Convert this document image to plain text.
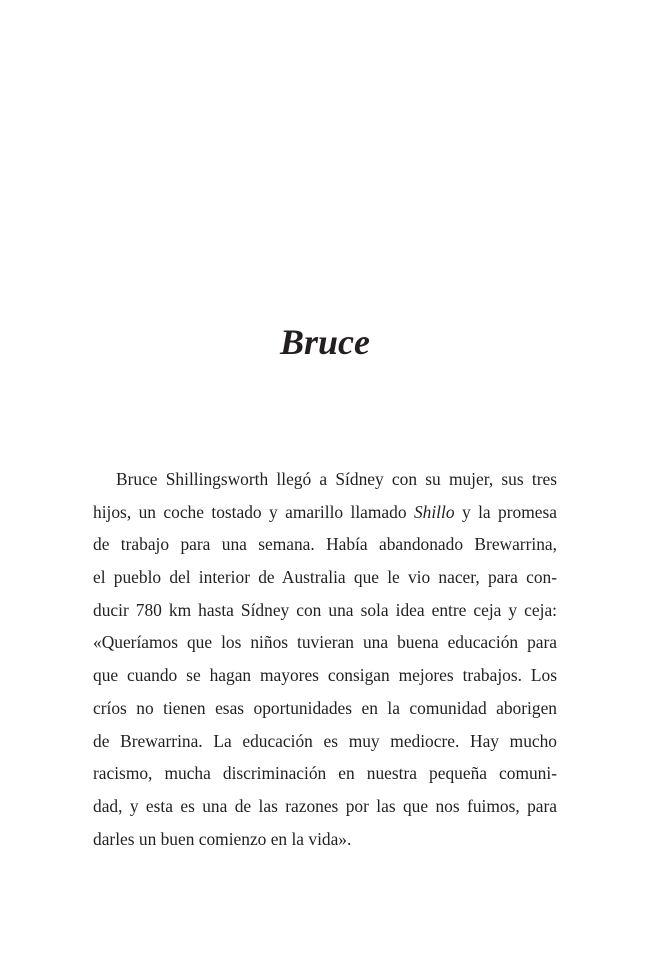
Bruce
Bruce Shillingsworth llegó a Sídney con su mujer, sus tres
hijos, un coche tostado y amarillo llamado Shillo y la promesa
de trabajo para una semana. Había abandonado Brewarrina,
el pueblo del interior de Australia que le vio nacer, para con-
ducir 780 km hasta Sídney con una sola idea entre ceja y ceja:
«Queríamos que los niños tuvieran una buena educación para
que cuando se hagan mayores consigan mejores trabajos. Los
críos no tienen esas oportunidades en la comunidad aborigen
de Brewarrina. La educación es muy mediocre. Hay mucho
racismo, mucha discriminación en nuestra pequeña comuni-
dad, y esta es una de las razones por las que nos fuimos, para
darles un buen comienzo en la vida».
